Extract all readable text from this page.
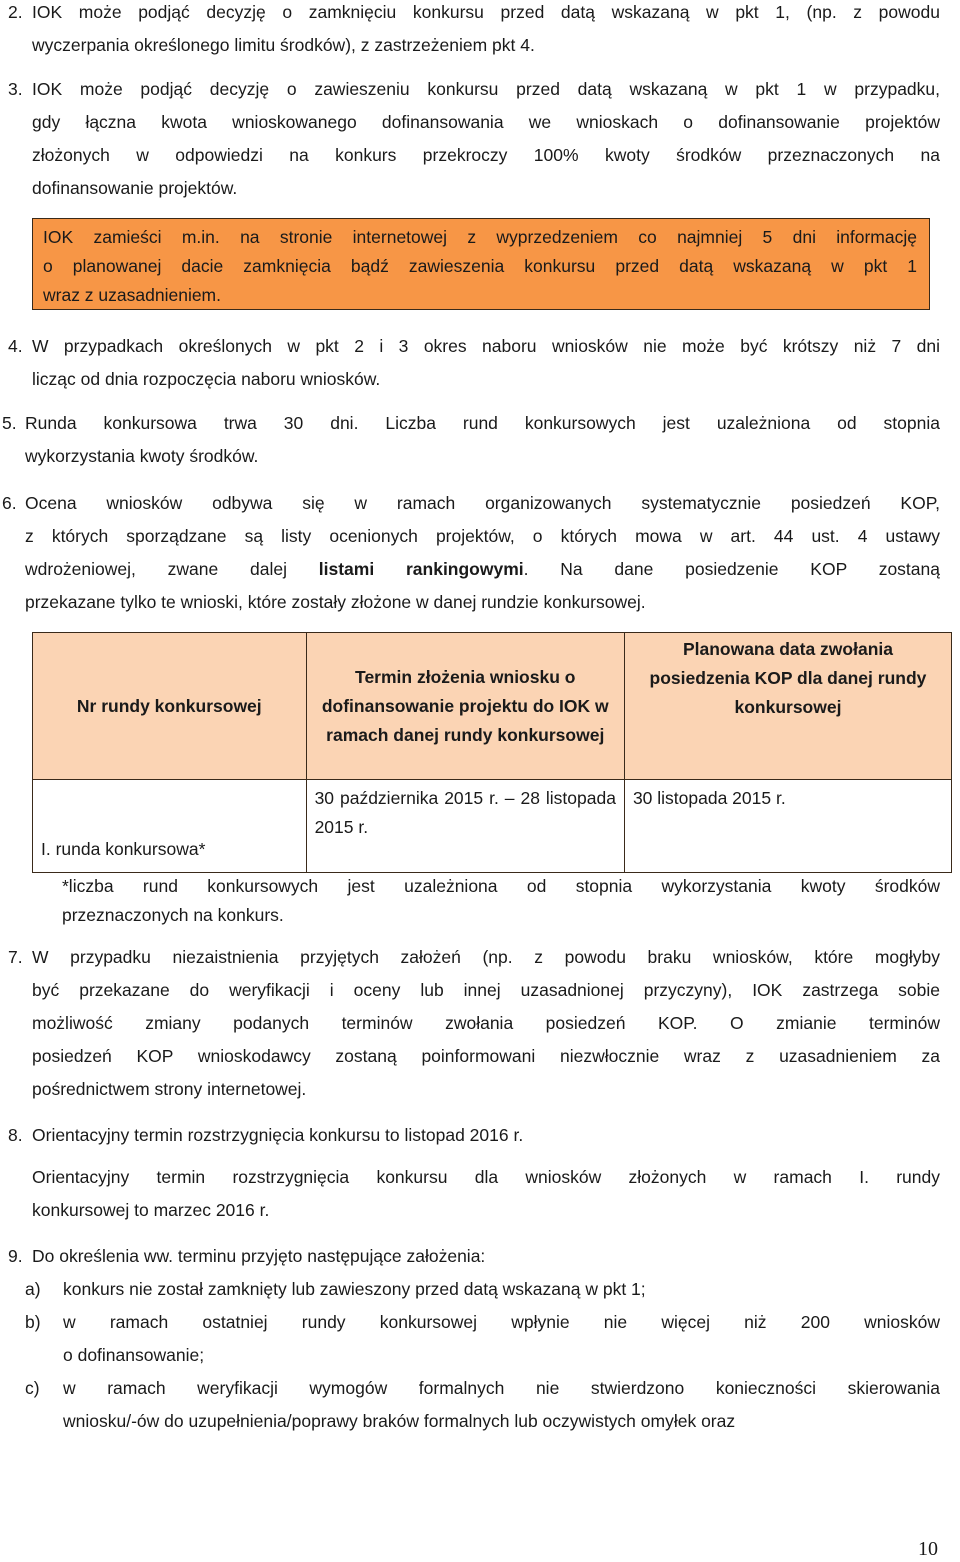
2. IOK może podjąć decyzję o zamknięciu konkursu przed datą wskazaną w pkt 1, (np. z powodu
wyczerpania określonego limitu środków), z zastrzeżeniem pkt 4.
3. IOK może podjąć decyzję o zawieszeniu konkursu przed datą wskazaną w pkt 1 w przypadku,
gdy łączna kwota wnioskowanego dofinansowania we wnioskach o dofinansowanie projektów
złożonych w odpowiedzi na konkurs przekroczy 100% kwoty środków przeznaczonych na
dofinansowanie projektów.
IOK zamieści m.in. na stronie internetowej z wyprzedzeniem co najmniej 5 dni informację
o planowanej dacie zamknięcia bądź zawieszenia konkursu przed datą wskazaną w pkt 1
wraz z uzasadnieniem.
4. W przypadkach określonych w pkt 2 i 3 okres naboru wniosków nie może być krótszy niż 7 dni
licząc od dnia rozpoczęcia naboru wniosków.
5. Runda konkursowa trwa 30 dni. Liczba rund konkursowych jest uzależniona od stopnia
wykorzystania kwoty środków.
6. Ocena wniosków odbywa się w ramach organizowanych systematycznie posiedzeń KOP,
z których sporządzane są listy ocenionych projektów, o których mowa w art. 44 ust. 4 ustawy
wdrożeniowej, zwane dalej listami rankingowymi. Na dane posiedzenie KOP zostaną
przekazane tylko te wnioski, które zostały złożone w danej rundzie konkursowej.
Nr rundy konkursowej	Termin złożenia wniosku o dofinansowanie projektu do IOK w ramach danej rundy konkursowej	Planowana data zwołania posiedzenia KOP dla danej rundy konkursowej
I. runda konkursowa*	30 października 2015 r. – 28 listopada 2015 r.	30 listopada 2015 r.
*liczba rund konkursowych jest uzależniona od stopnia wykorzystania kwoty środków
przeznaczonych na konkurs.
7. W przypadku niezaistnienia przyjętych założeń (np. z powodu braku wniosków, które mogłyby
być przekazane do weryfikacji i oceny lub innej uzasadnionej przyczyny), IOK zastrzega sobie
możliwość zmiany podanych terminów zwołania posiedzeń KOP. O zmianie terminów
posiedzeń KOP wnioskodawcy zostaną poinformowani niezwłocznie wraz z uzasadnieniem za
pośrednictwem strony internetowej.
8. Orientacyjny termin rozstrzygnięcia konkursu to listopad 2016 r.
Orientacyjny termin rozstrzygnięcia konkursu dla wniosków złożonych w ramach I. rundy
konkursowej to marzec 2016 r.
9. Do określenia ww. terminu przyjęto następujące założenia:
a) konkurs nie został zamknięty lub zawieszony przed datą wskazaną w pkt 1;
b) w ramach ostatniej rundy konkursowej wpłynie nie więcej niż 200 wniosków
o dofinansowanie;
c) w ramach weryfikacji wymogów formalnych nie stwierdzono konieczności skierowania
wniosku/-ów do uzupełnienia/poprawy braków formalnych lub oczywistych omyłek oraz
10
